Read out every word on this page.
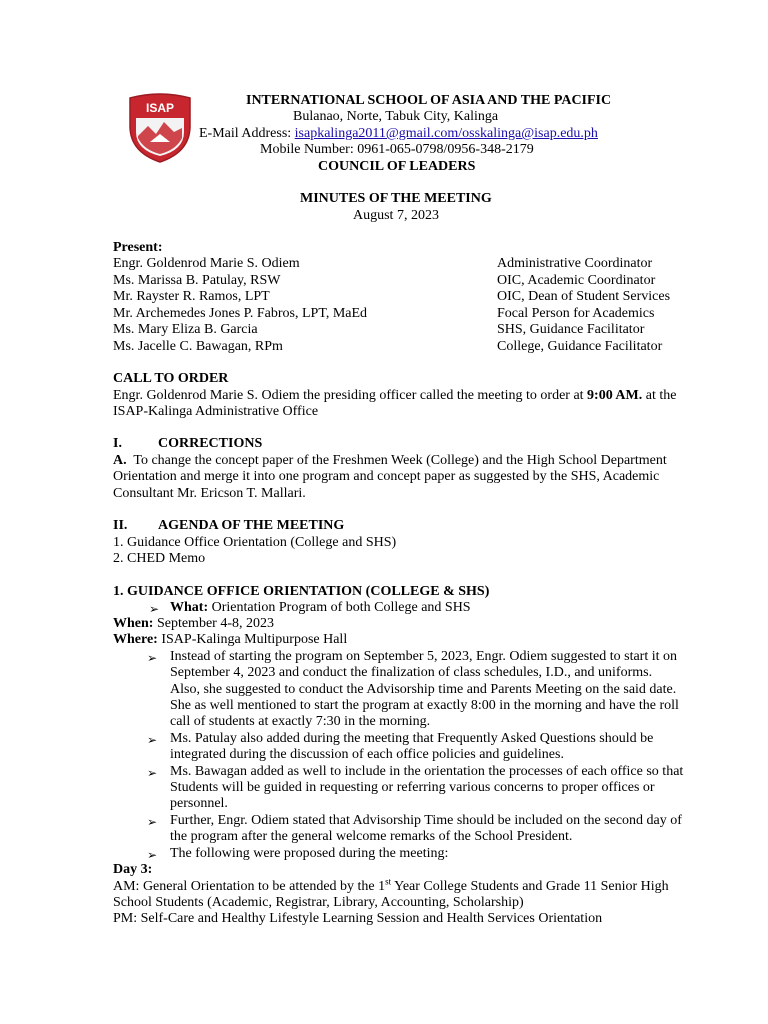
ISAP	INTERNATIONAL SCHOOL OF ASIA AND THE PACIFIC
Bulanao, Norte, Tabuk City, Kalinga
E-Mail Address: isapkalinga2011@gmail.com/osskalinga@isap.edu.ph
Mobile Number: 0961-065-0798/0956-348-2179
COUNCIL OF LEADERS
MINUTES OF THE MEETING
August 7, 2023
Present:
Engr. Goldenrod Marie S. Odiem	Administrative Coordinator
Ms. Marissa B. Patulay, RSW	OIC, Academic Coordinator
Mr. Rayster R. Ramos, LPT	OIC, Dean of Student Services
Mr. Archemedes Jones P. Fabros, LPT, MaEd	Focal Person for Academics
Ms. Mary Eliza B. Garcia	SHS, Guidance Facilitator
Ms. Jacelle C. Bawagan, RPm	College, Guidance Facilitator
CALL TO ORDER
Engr. Goldenrod Marie S. Odiem the presiding officer called the meeting to order at 9:00 AM. at the
ISAP-Kalinga Administrative Office
I.	CORRECTIONS
A. To change the concept paper of the Freshmen Week (College) and the High School Department
Orientation and merge it into one program and concept paper as suggested by the SHS, Academic
Consultant Mr. Ericson T. Mallari.
II. AGENDA OF THE MEETING
1. Guidance Office Orientation (College and SHS)
2. CHED Memo
1. GUIDANCE OFFICE ORIENTATION (COLLEGE & SHS)
➢ What: Orientation Program of both College and SHS
When: September 4-8, 2023
Where: ISAP-Kalinga Multipurpose Hall
➢ Instead of starting the program on September 5, 2023, Engr. Odiem suggested to start it on
September 4, 2023 and conduct the finalization of class schedules, I.D., and uniforms.
Also, she suggested to conduct the Advisorship time and Parents Meeting on the said date.
She as well mentioned to start the program at exactly 8:00 in the morning and have the roll
call of students at exactly 7:30 in the morning.
➢ Ms. Patulay also added during the meeting that Frequently Asked Questions should be
integrated during the discussion of each office policies and guidelines.
➢ Ms. Bawagan added as well to include in the orientation the processes of each office so that
Students will be guided in requesting or referring various concerns to proper offices or
personnel.
➢ Further, Engr. Odiem stated that Advisorship Time should be included on the second day of
the program after the general welcome remarks of the School President.
➢ The following were proposed during the meeting:
Day 3:
AM: General Orientation to be attended by the 1st Year College Students and Grade 11 Senior High
School Students (Academic, Registrar, Library, Accounting, Scholarship)
PM: Self-Care and Healthy Lifestyle Learning Session and Health Services Orientation
